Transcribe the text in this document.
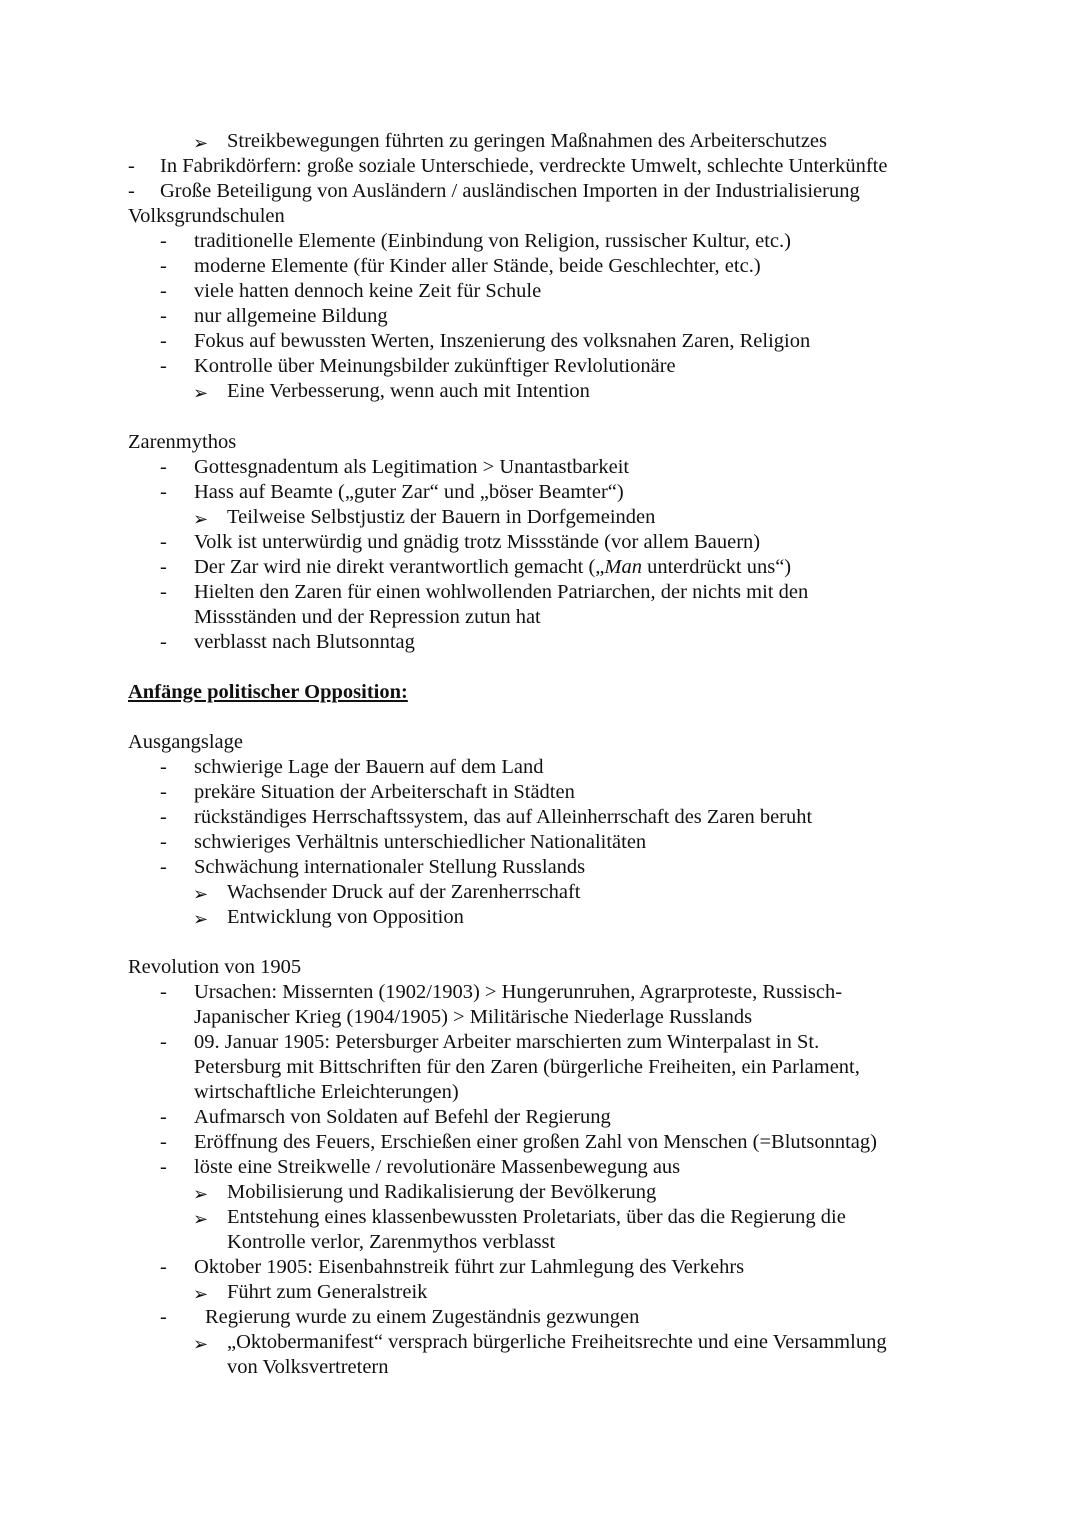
➢ Streikbewegungen führten zu geringen Maßnahmen des Arbeiterschutzes
- In Fabrikdörfern: große soziale Unterschiede, verdreckte Umwelt, schlechte Unterkünfte
- Große Beteiligung von Ausländern / ausländischen Importen in der Industrialisierung
Volksgrundschulen
- traditionelle Elemente (Einbindung von Religion, russischer Kultur, etc.)
- moderne Elemente (für Kinder aller Stände, beide Geschlechter, etc.)
- viele hatten dennoch keine Zeit für Schule
- nur allgemeine Bildung
- Fokus auf bewussten Werten, Inszenierung des volksnahen Zaren, Religion
- Kontrolle über Meinungsbilder zukünftiger Revlolutionäre
➢ Eine Verbesserung, wenn auch mit Intention
Zarenmythos
- Gottesgnadentum als Legitimation > Unantastbarkeit
- Hass auf Beamte („guter Zar“ und „böser Beamter“)
➢ Teilweise Selbstjustiz der Bauern in Dorfgemeinden
- Volk ist unterwürdig und gnädig trotz Missstände (vor allem Bauern)
- Der Zar wird nie direkt verantwortlich gemacht („Man unterdrückt uns“)
- Hielten den Zaren für einen wohlwollenden Patriarchen, der nichts mit den
Missständen und der Repression zutun hat
- verblasst nach Blutsonntag
Anfänge politischer Opposition:
Ausgangslage
- schwierige Lage der Bauern auf dem Land
- prekäre Situation der Arbeiterschaft in Städten
- rückständiges Herrschaftssystem, das auf Alleinherrschaft des Zaren beruht
- schwieriges Verhältnis unterschiedlicher Nationalitäten
- Schwächung internationaler Stellung Russlands
➢ Wachsender Druck auf der Zarenherrschaft
➢ Entwicklung von Opposition
Revolution von 1905
- Ursachen: Missernten (1902/1903) > Hungerunruhen, Agrarproteste, Russisch-
Japanischer Krieg (1904/1905) > Militärische Niederlage Russlands
- 09. Januar 1905: Petersburger Arbeiter marschierten zum Winterpalast in St.
Petersburg mit Bittschriften für den Zaren (bürgerliche Freiheiten, ein Parlament,
wirtschaftliche Erleichterungen)
- Aufmarsch von Soldaten auf Befehl der Regierung
- Eröffnung des Feuers, Erschießen einer großen Zahl von Menschen (=Blutsonntag)
- löste eine Streikwelle / revolutionäre Massenbewegung aus
➢ Mobilisierung und Radikalisierung der Bevölkerung
➢ Entstehung eines klassenbewussten Proletariats, über das die Regierung die
Kontrolle verlor, Zarenmythos verblasst
- Oktober 1905: Eisenbahnstreik führt zur Lahmlegung des Verkehrs
➢ Führt zum Generalstreik
- Regierung wurde zu einem Zugeständnis gezwungen
➢ „Oktobermanifest“ versprach bürgerliche Freiheitsrechte und eine Versammlung
von Volksvertretern
